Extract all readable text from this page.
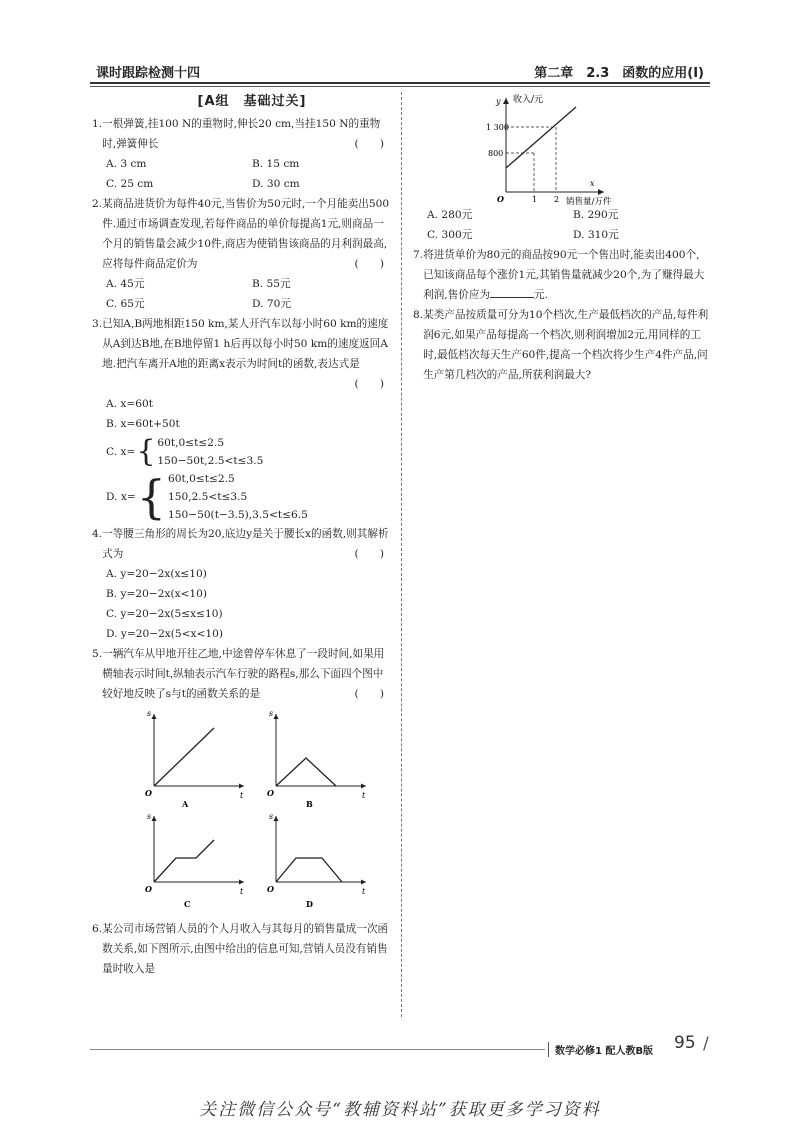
课时跟踪检测十四	第二章　2.3　函数的应用(Ⅰ)
[A组　基础过关]
1. 一根弹簧,挂100 N的重物时,伸长20 cm,当挂150 N的重物时,弹簧伸长	(　　)
A. 3 cm	B. 15 cm
C. 25 cm	D. 30 cm
2. 某商品进货价为每件40元,当售价为50元时,一个月能卖出500件.通过市场调查发现,若每件商品的单价每提高1元,则商品一个月的销售量会减少10件,商店为使销售该商品的月利润最高,应将每件商品定价为	(　　)
A. 45元	B. 55元
C. 65元	D. 70元
3. 已知A,B两地相距150 km,某人开汽车以每小时60 km的速度从A到达B地,在B地停留1 h后再以每小时50 km的速度返回A地.把汽车离开A地的距离x表示为时间t的函数,表达式是
(　　)
A. x=60t
B. x=60t+50t
C. x= { 60t,0≤t≤2.5
150−50t,2.5<t≤3.5
D. x= { 60t,0≤t≤2.5
150,2.5<t≤3.5
150−50(t−3.5),3.5<t≤6.5
4. 一等腰三角形的周长为20,底边y是关于腰长x的函数,则其解析式为	(　　)
A. y=20−2x(x≤10)
B. y=20−2x(x<10)
C. y=20−2x(5≤x≤10)
D. y=20−2x(5<x<10)
5. 一辆汽车从甲地开往乙地,中途曾停车休息了一段时间,如果用横轴表示时间t,纵轴表示汽车行驶的路程s,那么下面四个图中较好地反映了s与t的函数关系的是	(　　)
s
t
O
A
s
t
O
B
s
t
O
C
s
t
O
D
6. 某公司市场营销人员的个人月收入与其每月的销售量成一次函数关系,如下图所示,由图中给出的信息可知,营销人员没有销售量时收入是
y 收入/元
1 300
800
O	1 2
x
销售量/万件
A. 280元	B. 290元
C. 300元	D. 310元
7. 将进货单价为80元的商品按90元一个售出时,能卖出400个,已知该商品每个涨价1元,其销售量就减少20个,为了赚得最大利润,售价应为	元.
8. 某类产品按质量可分为10个档次,生产最低档次的产品,每件利润6元,如果产品每提高一个档次,则利润增加2元,用同样的工时,最低档次每天生产60件,提高一个档次将少生产4件产品,问生产第几档次的产品,所获利润最大?
数学必修1 配人教B版 95 /
关注微信公众号“教辅资料站”获取更多学习资料
